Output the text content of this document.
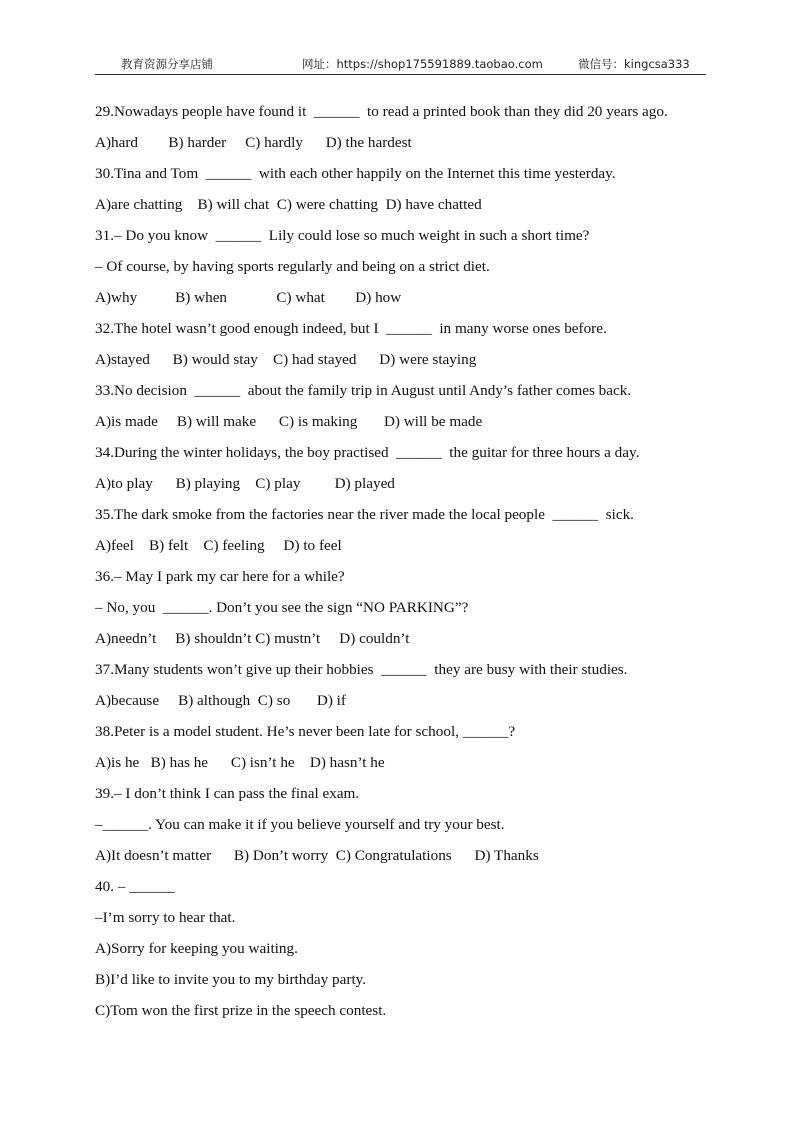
教育资源分享店铺	网址：https://shop175591889.taobao.com	微信号：kingcsa333
29.Nowadays people have found it  ______  to read a printed book than they did 20 years ago.
A)hard        B) harder     C) hardly      D) the hardest
30.Tina and Tom  ______  with each other happily on the Internet this time yesterday.
A)are chatting    B) will chat  C) were chatting  D) have chatted
31.– Do you know  ______  Lily could lose so much weight in such a short time?
– Of course, by having sports regularly and being on a strict diet.
A)why          B) when             C) what        D) how
32.The hotel wasn’t good enough indeed, but I  ______  in many worse ones before.
A)stayed      B) would stay    C) had stayed      D) were staying
33.No decision  ______  about the family trip in August until Andy’s father comes back.
A)is made     B) will make      C) is making       D) will be made
34.During the winter holidays, the boy practised  ______  the guitar for three hours a day.
A)to play      B) playing    C) play         D) played
35.The dark smoke from the factories near the river made the local people  ______  sick.
A)feel    B) felt    C) feeling     D) to feel
36.– May I park my car here for a while?
– No, you  ______. Don’t you see the sign “NO PARKING”?
A)needn’t     B) shouldn’t C) mustn’t     D) couldn’t
37.Many students won’t give up their hobbies  ______  they are busy with their studies.
A)because     B) although  C) so       D) if
38.Peter is a model student. He’s never been late for school, ______?
A)is he   B) has he      C) isn’t he    D) hasn’t he
39.– I don’t think I can pass the final exam.
–______. You can make it if you believe yourself and try your best.
A)It doesn’t matter      B) Don’t worry  C) Congratulations      D) Thanks
40. – ______
–I’m sorry to hear that.
A)Sorry for keeping you waiting.
B)I’d like to invite you to my birthday party.
C)Tom won the first prize in the speech contest.
